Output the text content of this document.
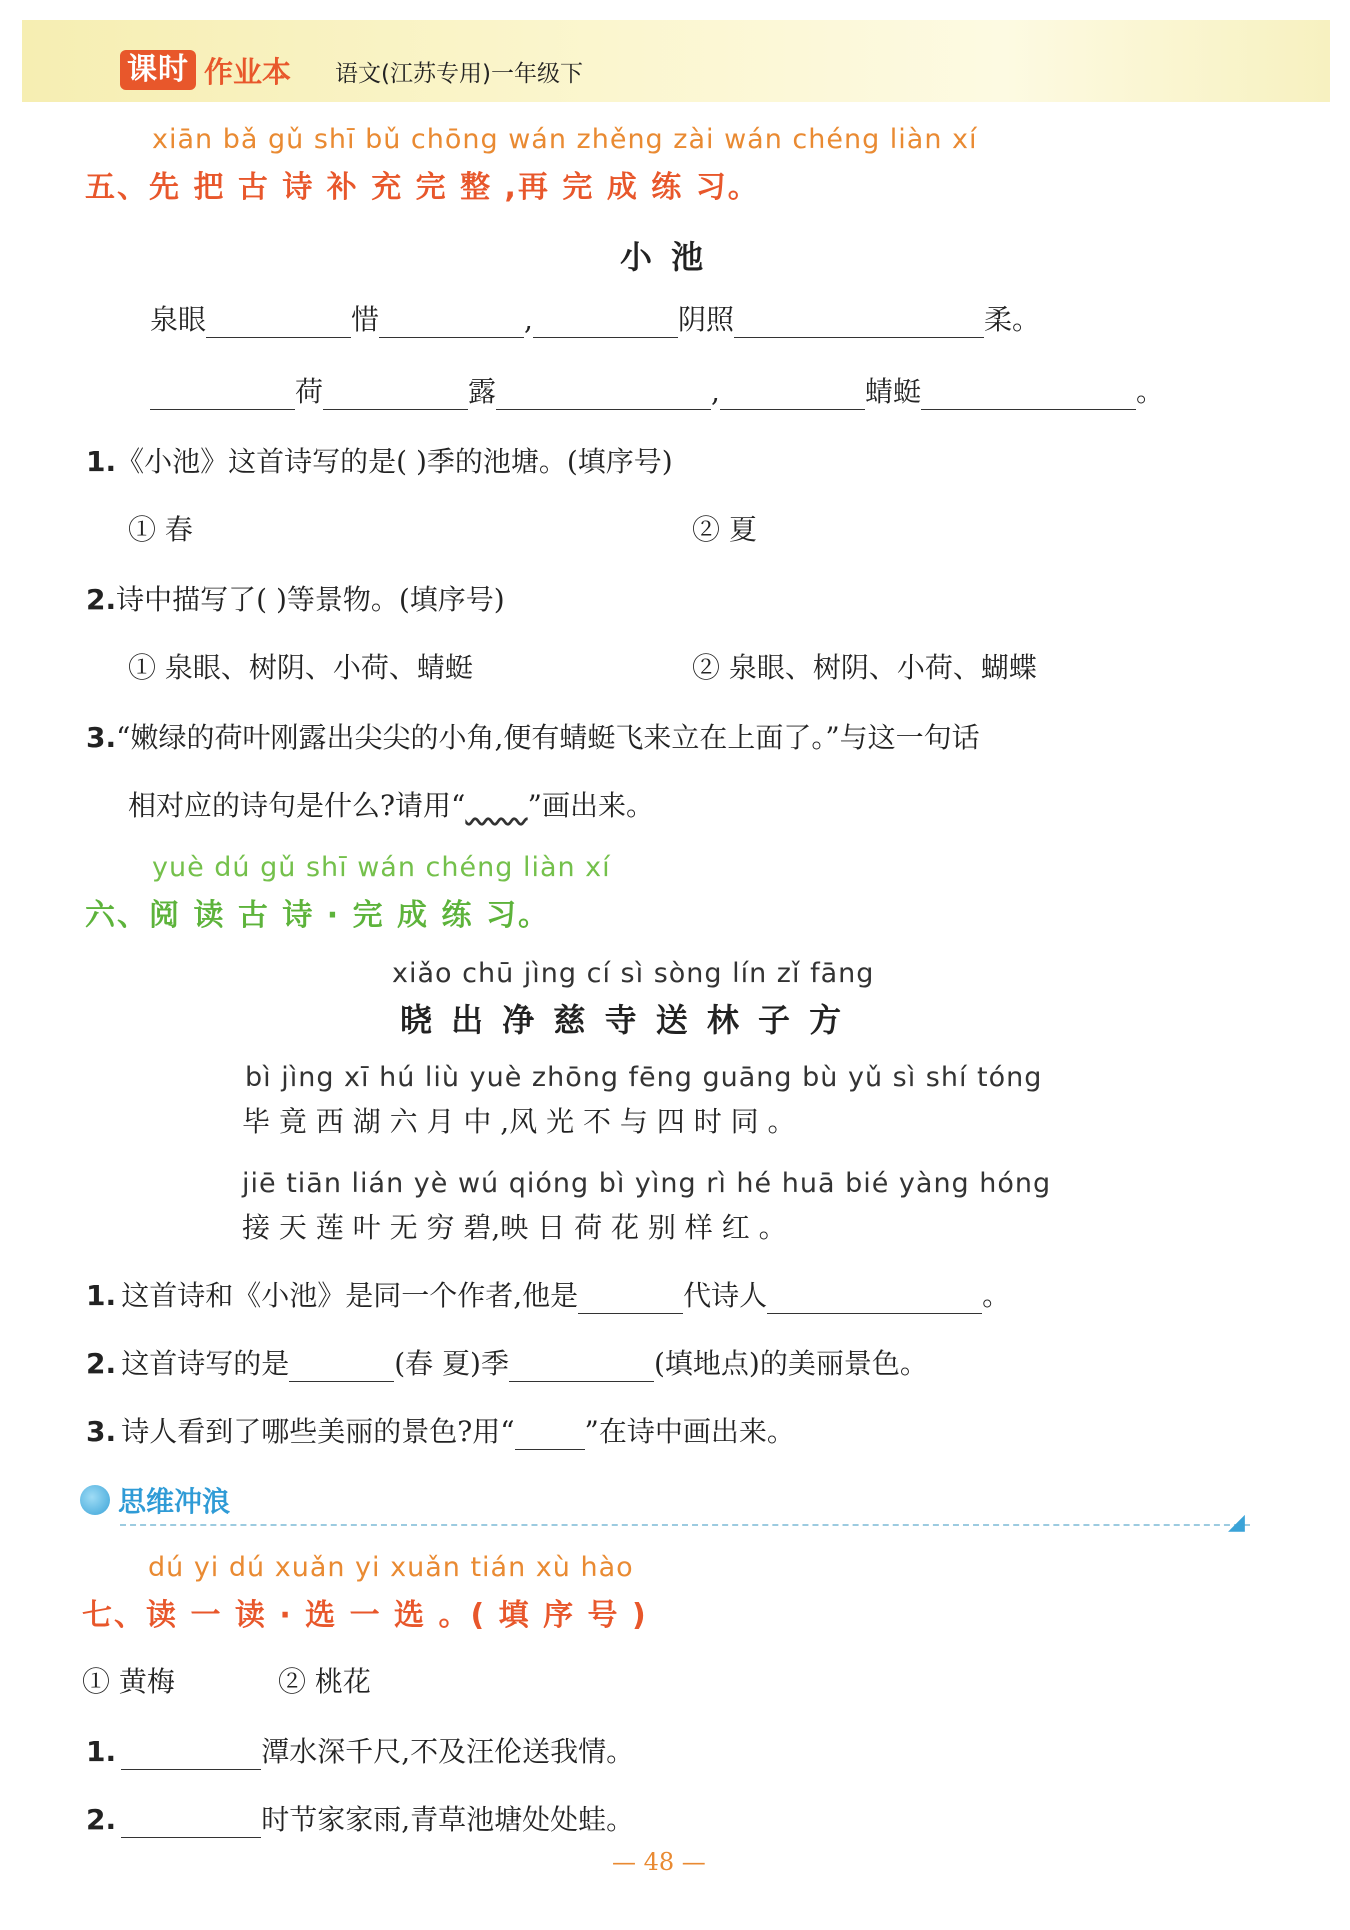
课时 作业本 语文(江苏专用)一年级下
xiān bǎ gǔ shī bǔ chōng wán zhěng zài wán chéng liàn xí
五、先 把 古 诗 补 充 完 整 ,再 完 成 练 习。
小 池
泉眼	惜	,	阴照	柔。
荷	露	,	蜻蜓	。
1.《小池》这首诗写的是( )季的池塘。(填序号)
① 春	② 夏
2.诗中描写了( )等景物。(填序号)
① 泉眼、树阴、小荷、蜻蜓	② 泉眼、树阴、小荷、蝴蝶
3.“嫩绿的荷叶刚露出尖尖的小角,便有蜻蜓飞来立在上面了。”与这一句话
相对应的诗句是什么?请用“ ”画出来。
yuè dú gǔ shī wán chéng liàn xí
六、阅 读 古 诗 · 完 成 练 习。
xiǎo chū jìng cí sì sòng lín zǐ fāng
晓 出 净 慈 寺 送 林 子 方
bì jìng xī hú liù yuè zhōng fēng guāng bù yǔ sì shí tóng
毕 竟 西 湖 六 月 中 ,风 光 不 与 四 时 同 。
jiē tiān lián yè wú qióng bì yìng rì hé huā bié yàng hóng
接 天 莲 叶 无 穷 碧,映 日 荷 花 别 样 红 。
1. 这首诗和《小池》是同一个作者,他是	代诗人	。
2. 这首诗写的是	(春 夏)季	(填地点)的美丽景色。
3. 诗人看到了哪些美丽的景色?用“	”在诗中画出来。
思维冲浪
◢
dú yi dú xuǎn yi xuǎn tián xù hào
七、读 一 读 · 选 一 选 。( 填 序 号 )
① 黄梅	② 桃花
1.	潭水深千尺,不及汪伦送我情。
2.	时节家家雨,青草池塘处处蛙。
— 48 —
